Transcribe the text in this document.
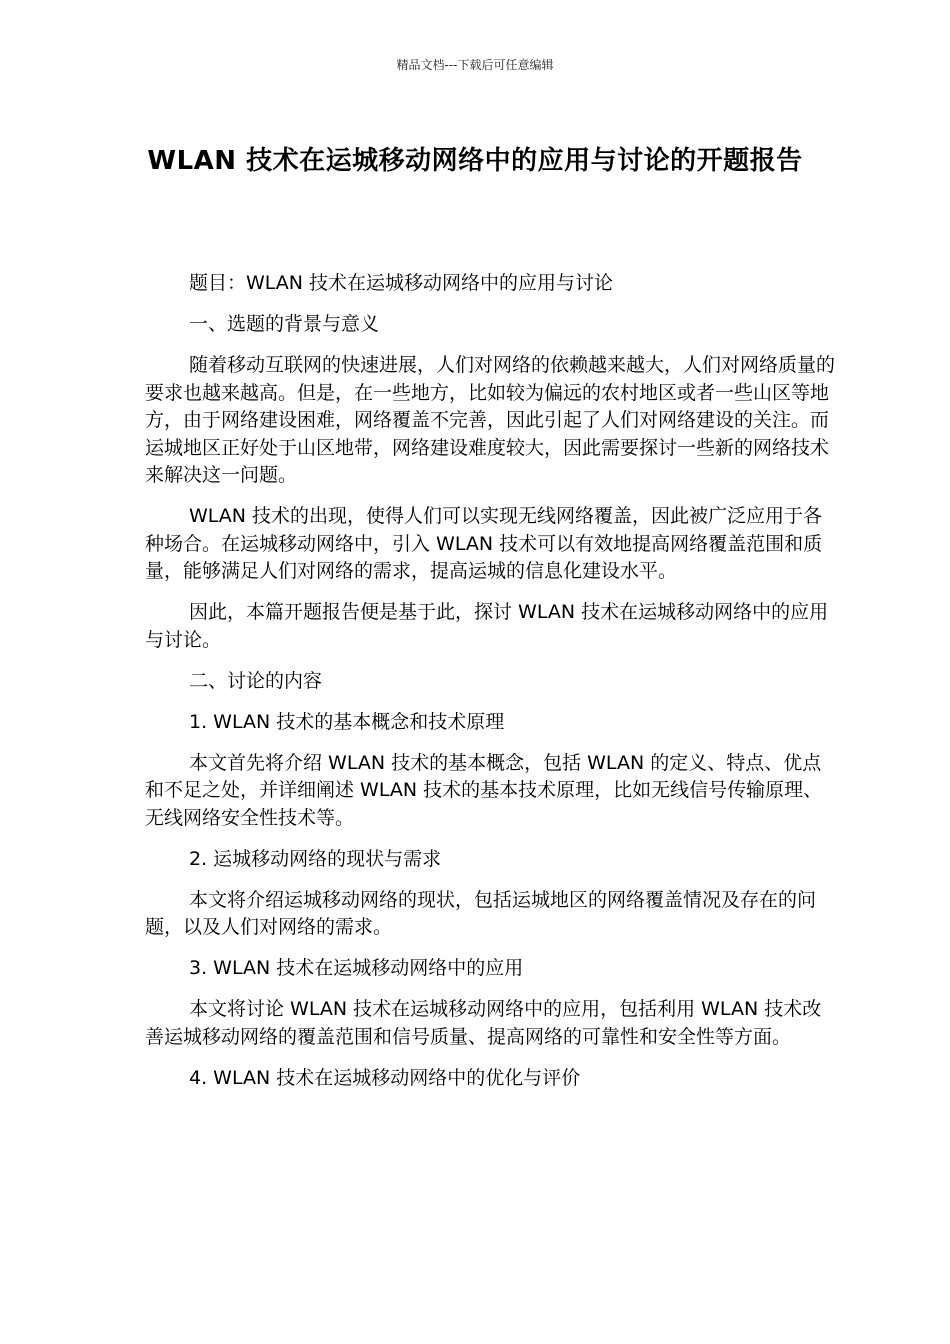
精品文档---下载后可任意编辑
WLAN 技术在运城移动网络中的应用与讨论的开题报告

题目：WLAN 技术在运城移动网络中的应用与讨论

一、选题的背景与意义

随着移动互联网的快速进展，人们对网络的依赖越来越大，人们对网络质量的要求也越来越高。但是，在一些地方，比如较为偏远的农村地区或者一些山区等地方，由于网络建设困难，网络覆盖不完善，因此引起了人们对网络建设的关注。而运城地区正好处于山区地带，网络建设难度较大，因此需要探讨一些新的网络技术来解决这一问题。

WLAN 技术的出现，使得人们可以实现无线网络覆盖，因此被广泛应用于各种场合。在运城移动网络中，引入 WLAN 技术可以有效地提高网络覆盖范围和质量，能够满足人们对网络的需求，提高运城的信息化建设水平。

因此，本篇开题报告便是基于此，探讨 WLAN 技术在运城移动网络中的应用与讨论。

二、讨论的内容

1. WLAN 技术的基本概念和技术原理

本文首先将介绍 WLAN 技术的基本概念，包括 WLAN 的定义、特点、优点和不足之处，并详细阐述 WLAN 技术的基本技术原理，比如无线信号传输原理、无线网络安全性技术等。

2. 运城移动网络的现状与需求

本文将介绍运城移动网络的现状，包括运城地区的网络覆盖情况及存在的问题，以及人们对网络的需求。

3. WLAN 技术在运城移动网络中的应用

本文将讨论 WLAN 技术在运城移动网络中的应用，包括利用 WLAN 技术改善运城移动网络的覆盖范围和信号质量、提高网络的可靠性和安全性等方面。

4. WLAN 技术在运城移动网络中的优化与评价
